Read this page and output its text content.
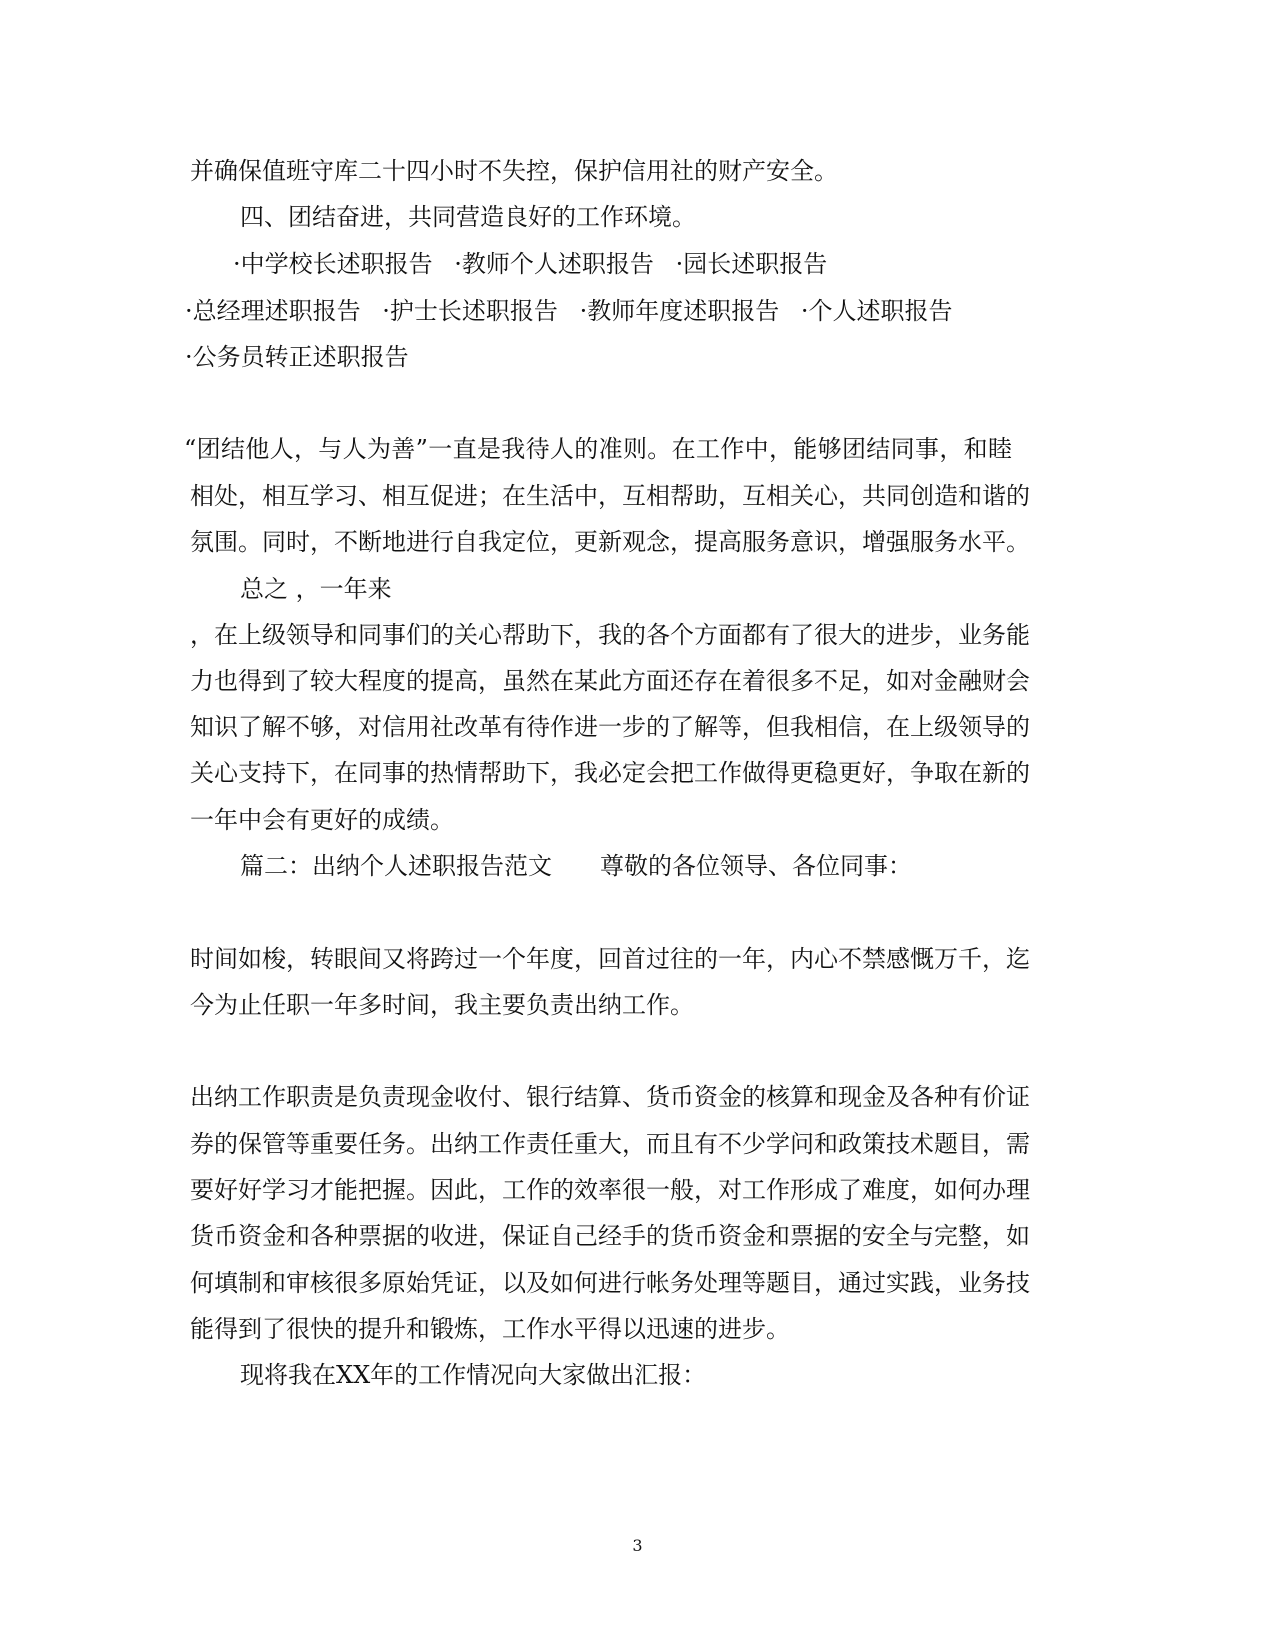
并确保值班守库二十四小时不失控，保护信用社的财产安全。
四、团结奋进，共同营造良好的工作环境。
·中学校长述职报告 ·教师个人述职报告 ·园长述职报告
·总经理述职报告 ·护士长述职报告 ·教师年度述职报告 ·个人述职报告
·公务员转正述职报告
“团结他人，与人为善”一直是我待人的准则。在工作中，能够团结同事，和睦
相处，相互学习、相互促进；在生活中，互相帮助，互相关心，共同创造和谐的
氛围。同时，不断地进行自我定位，更新观念，提高服务意识，增强服务水平。
总之 ，一年来
，在上级领导和同事们的关心帮助下，我的各个方面都有了很大的进步，业务能
力也得到了较大程度的提高，虽然在某此方面还存在着很多不足，如对金融财会
知识了解不够，对信用社改革有待作进一步的了解等，但我相信，在上级领导的
关心支持下，在同事的热情帮助下，我必定会把工作做得更稳更好，争取在新的
一年中会有更好的成绩。
篇二：出纳个人述职报告范文 尊敬的各位领导、各位同事：
时间如梭，转眼间又将跨过一个年度，回首过往的一年，内心不禁感慨万千，迄
今为止任职一年多时间，我主要负责出纳工作。
出纳工作职责是负责现金收付、银行结算、货币资金的核算和现金及各种有价证
券的保管等重要任务。出纳工作责任重大，而且有不少学问和政策技术题目，需
要好好学习才能把握。因此，工作的效率很一般，对工作形成了难度，如何办理
货币资金和各种票据的收进，保证自己经手的货币资金和票据的安全与完整，如
何填制和审核很多原始凭证，以及如何进行帐务处理等题目，通过实践，业务技
能得到了很快的提升和锻炼，工作水平得以迅速的进步。
现将我在XX年的工作情况向大家做出汇报：
3
